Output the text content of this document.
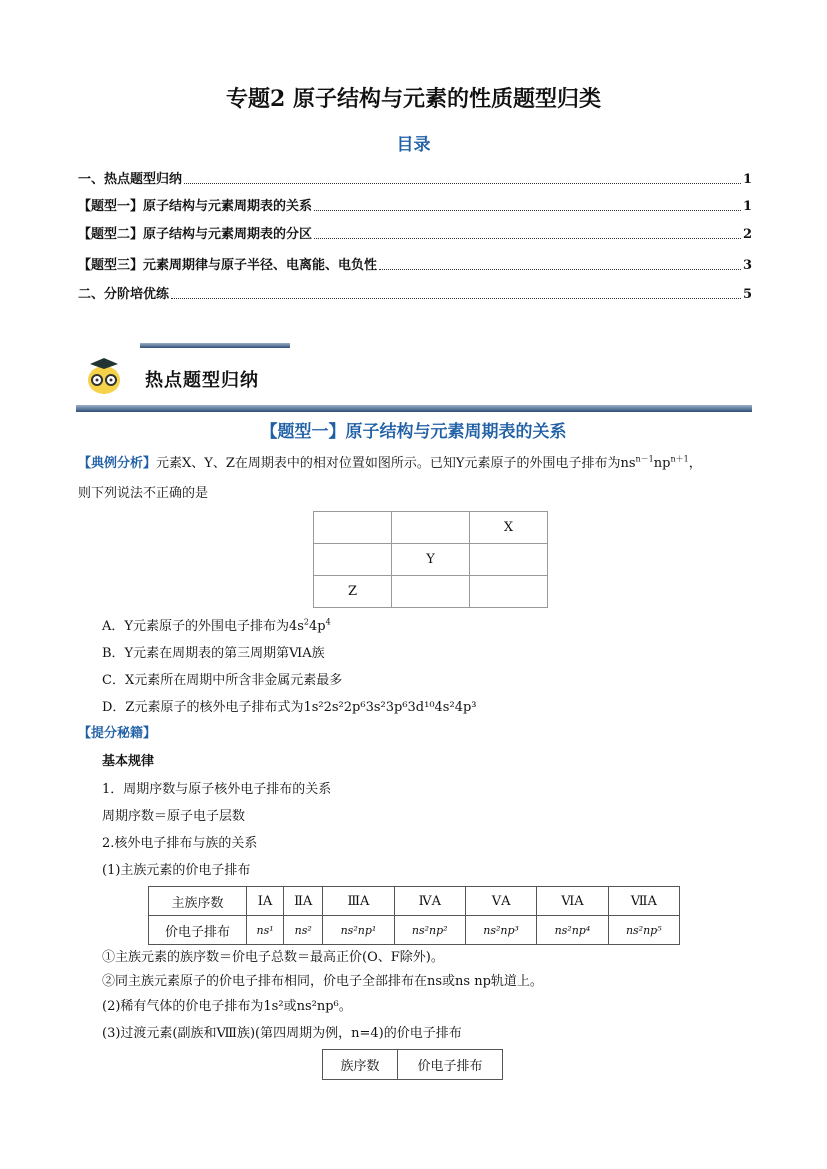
专题2 原子结构与元素的性质题型归类
目录
一、热点题型归纳	1
【题型一】原子结构与元素周期表的关系	1
【题型二】原子结构与元素周期表的分区	2
【题型三】元素周期律与原子半径、电离能、电负性	3
二、分阶培优练	5
热点题型归纳
【题型一】原子结构与元素周期表的关系
【典例分析】元素X、Y、Z在周期表中的相对位置如图所示。已知Y元素原子的外围电子排布为$ns^{n-1}np^{n+1}$，
则下列说法不正确的是
		X
	Y	
Z		
A．Y元素原子的外围电子排布为$4s^24p^4$
B．Y元素在周期表的第三周期第ⅥA族
C．X元素所在周期中所含非金属元素最多
D．Z元素原子的核外电子排布式为1s²2s²2p⁶3s²3p⁶3d¹⁰4s²4p³
【提分秘籍】
基本规律
1．周期序数与原子核外电子排布的关系
周期序数＝原子电子层数
2.核外电子排布与族的关系
(1)主族元素的价电子排布
主族序数	ⅠA	ⅡA	ⅢA	ⅣA	ⅤA	ⅥA	ⅦA
价电子排布	ns¹	ns²	ns²np¹	ns²np²	ns²np³	ns²np⁴	ns²np⁵
①主族元素的族序数＝价电子总数＝最高正价(O、F除外)。
②同主族元素原子的价电子排布相同，价电子全部排布在ns或ns np轨道上。
(2)稀有气体的价电子排布为1s²或ns²np⁶。
(3)过渡元素(副族和Ⅷ族)(第四周期为例，n=4)的价电子排布
族序数	价电子排布
